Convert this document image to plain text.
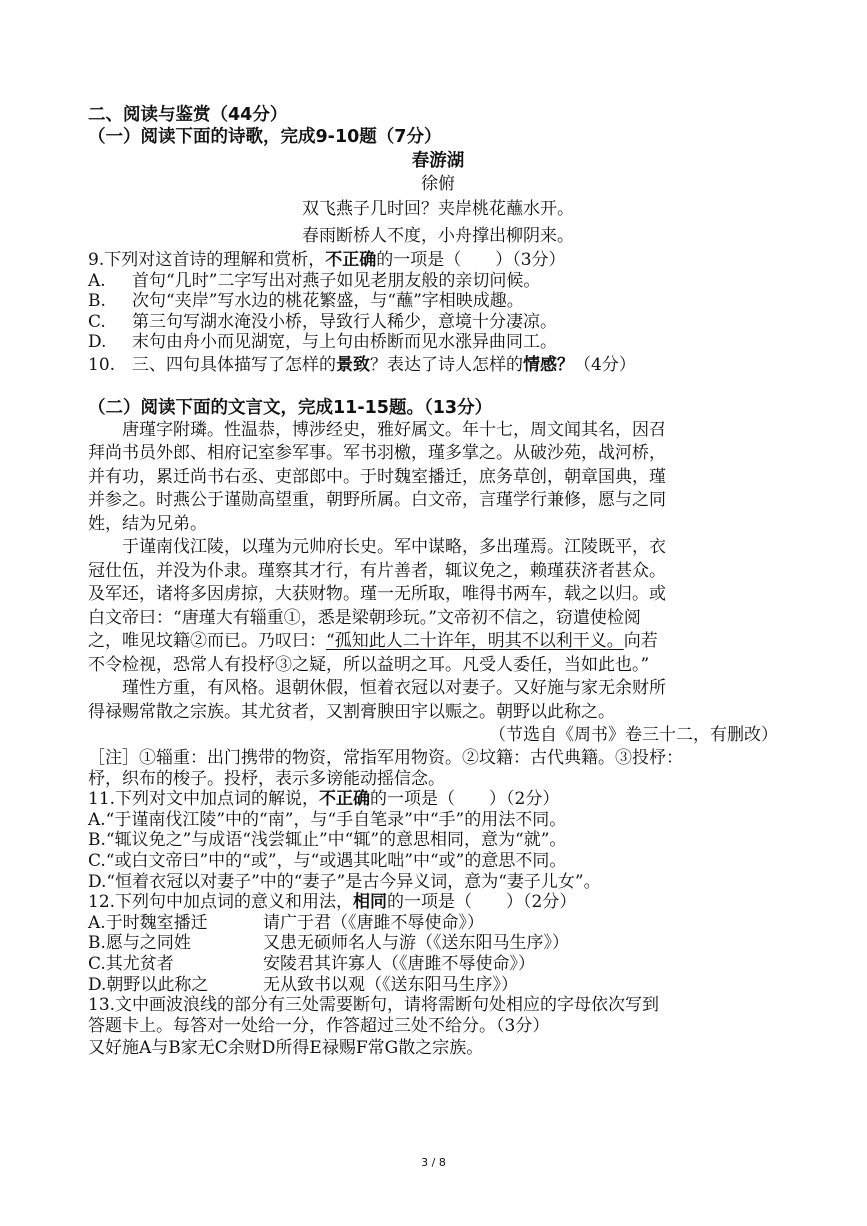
二、阅读与鉴赏（44分）
（一）阅读下面的诗歌，完成9-10题（7分）
春游湖
徐俯
双飞燕子几时回？夹岸桃花蘸水开。
春雨断桥人不度，小舟撑出柳阴来。
9.下列对这首诗的理解和赏析，不正确的一项是（　　）（3分）
A. 首句“几时”二字写出对燕子如见老朋友般的亲切问候。
B. 次句“夹岸”写水边的桃花繁盛，与“蘸”字相映成趣。
C. 第三句写湖水淹没小桥，导致行人稀少，意境十分凄凉。
D. 末句由舟小而见湖宽，与上句由桥断而见水涨异曲同工。
10.　三、四句具体描写了怎样的景致？表达了诗人怎样的情感？（4分）
（二）阅读下面的文言文，完成11-15题。（13分）
唐瑾字附璘。性温恭，博涉经史，雅好属文。年十七，周文闻其名，因召
拜尚书员外郎、相府记室参军事。军书羽檄，瑾多掌之。从破沙苑，战河桥，
并有功，累迁尚书右丞、吏部郎中。于时魏室播迁，庶务草创，朝章国典，瑾
并参之。时燕公于谨勋高望重，朝野所属。白文帝，言瑾学行兼修，愿与之同
姓，结为兄弟。
于谨南伐江陵，以瑾为元帅府长史。军中谋略，多出瑾焉。江陵既平，衣
冠仕伍，并没为仆隶。瑾察其才行，有片善者，辄议免之，赖瑾获济者甚众。
及军还，诸将多因虏掠，大获财物。瑾一无所取，唯得书两车，载之以归。或
白文帝曰：“唐瑾大有辎重①，悉是梁朝珍玩。”文帝初不信之，窃遣使检阅
之，唯见坟籍②而已。乃叹曰：“孤知此人二十许年，明其不以利干义。向若
不令检视，恐常人有投杼③之疑，所以益明之耳。凡受人委任，当如此也。”
瑾性方重，有风格。退朝休假，恒着衣冠以对妻子。又好施与家无余财所
得禄赐常散之宗族。其尤贫者，又割膏腴田宇以赈之。朝野以此称之。
（节选自《周书》卷三十二，有删改）
［注］①辎重：出门携带的物资，常指军用物资。②坟籍：古代典籍。③投杼：
杼，织布的梭子。投杼，表示多谤能动摇信念。
11.下列对文中加点词的解说，不正确的一项是（　　）（2分）
A.“于谨南伐江陵”中的“南”，与“手自笔录”中“手”的用法不同。
B.“辄议免之”与成语“浅尝辄止”中“辄”的意思相同，意为“就”。
C.“或白文帝曰”中的“或”，与“或遇其叱咄”中“或”的意思不同。
D.“恒着衣冠以对妻子”中的“妻子”是古今异义词，意为“妻子儿女”。
12.下列句中加点词的意义和用法，相同的一项是（　　）（2分）
A.于时魏室播迁	请广于君（《唐雎不辱使命》）
B.愿与之同姓	又患无硕师名人与游（《送东阳马生序》）
C.其尤贫者	安陵君其许寡人（《唐雎不辱使命》）
D.朝野以此称之	无从致书以观（《送东阳马生序》）
13.文中画波浪线的部分有三处需要断句，请将需断句处相应的字母依次写到
答题卡上。每答对一处给一分，作答超过三处不给分。（3分）
又好施A与B家无C余财D所得E禄赐F常G散之宗族。
3 / 8
